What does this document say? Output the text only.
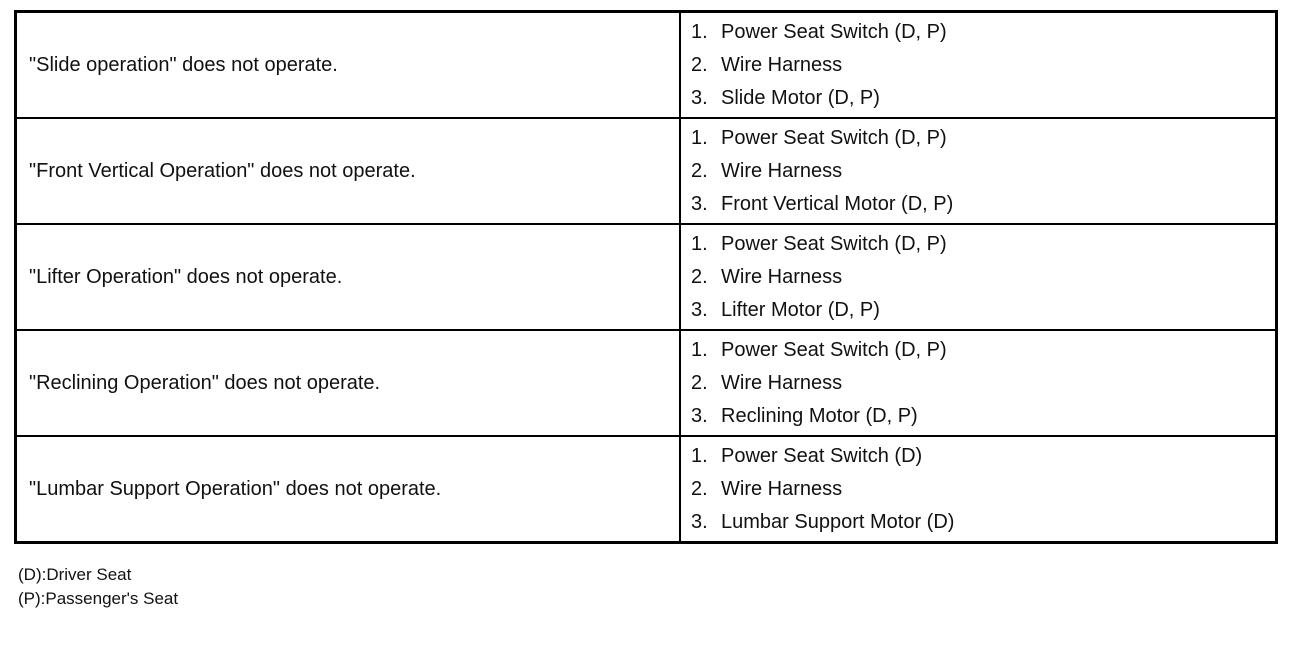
"Slide operation" does not operate.	1. Power Seat Switch (D, P)
2. Wire Harness
3. Slide Motor (D, P)

"Front Vertical Operation" does not operate.	1. Power Seat Switch (D, P)
2. Wire Harness
3. Front Vertical Motor (D, P)

"Lifter Operation" does not operate.	1. Power Seat Switch (D, P)
2. Wire Harness
3. Lifter Motor (D, P)

"Reclining Operation" does not operate.	1. Power Seat Switch (D, P)
2. Wire Harness
3. Reclining Motor (D, P)

"Lumbar Support Operation" does not operate.	1. Power Seat Switch (D)
2. Wire Harness
3. Lumbar Support Motor (D)
(D):Driver Seat
(P):Passenger's Seat
